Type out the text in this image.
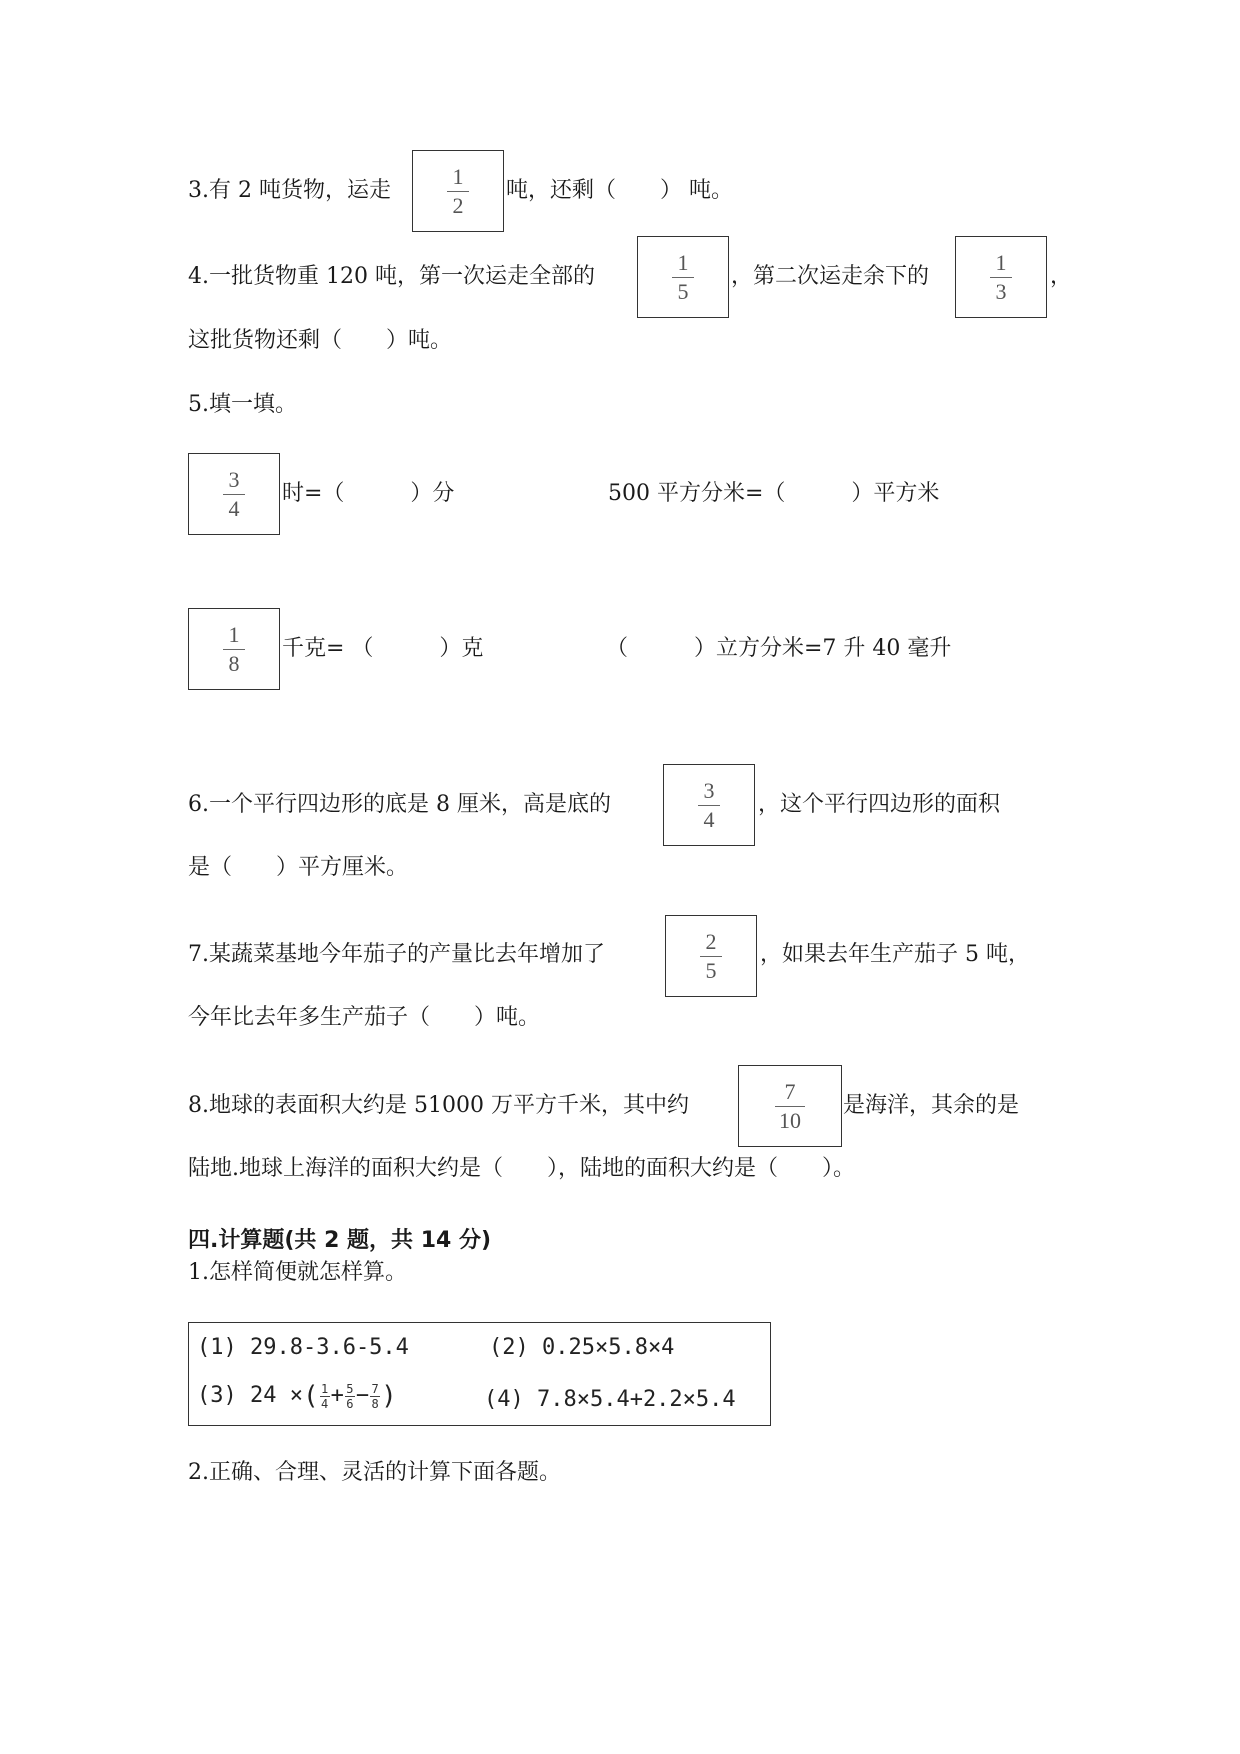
3.有 2 吨货物，运走	$\frac{1}{2}$ 吨，还剩（　　） 吨。
4.一批货物重 120 吨，第一次运走全部的	$\frac{1}{5}$ ，第二次运走余下的	$\frac{1}{3}$ ，
这批货物还剩（　　）吨。
5.填一填。
$\frac{3}{4}$ 时=（　　　）分	500 平方分米=（　　　）平方米
$\frac{1}{8}$ 千克= （　　　）克	（　　　）立方分米=7 升 40 毫升
6.一个平行四边形的底是 8 厘米，高是底的	$\frac{3}{4}$ ，这个平行四边形的面积
是（　　）平方厘米。
7.某蔬菜基地今年茄子的产量比去年增加了	$\frac{2}{5}$ ，如果去年生产茄子 5 吨，
今年比去年多生产茄子（　　）吨。
8.地球的表面积大约是 51000 万平方千米，其中约	$\frac{7}{10}$ 是海洋，其余的是
陆地.地球上海洋的面积大约是（　　），陆地的面积大约是（　　）。
四.计算题(共 2 题，共 14 分)
1.怎样简便就怎样算。
(1) 29.8-3.6-5.4	(2) 0.25×5.8×4
(3) 24 ×( $\frac{1}{4} + \frac{5}{6} - \frac{7}{8}$ )	(4) 7.8×5.4+2.2×5.4
2.正确、合理、灵活的计算下面各题。
